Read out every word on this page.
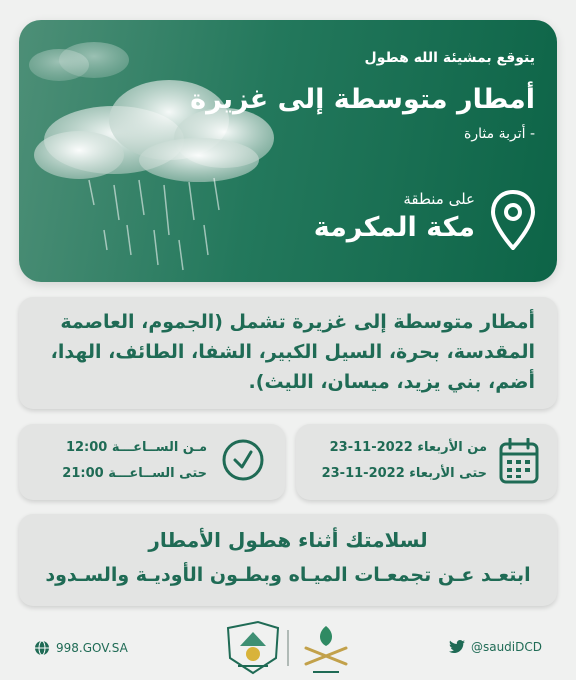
يتوقع بمشيئة الله هطول
أمطار متوسطة إلى غزيرة
- أتربة مثارة
على منطقة
مكة المكرمة
أمطار متوسطة إلى غزيرة تشمل (الجموم، العاصمة المقدسة، بحرة، السيل الكبير، الشفا، الطائف، الهدا، أضم، بني يزيد، ميسان، الليث).
من الأربعاء 2022-11-23
حتى الأربعاء 2022-11-23
مـن الســاعـــة 12:00
حتى الســاعـــة 21:00
لسلامتك أثناء هطول الأمطار
ابتعـد عـن تجمعـات الميـاه وبطـون الأوديـة والسـدود
998.GOV.SA	@saudiDCD
